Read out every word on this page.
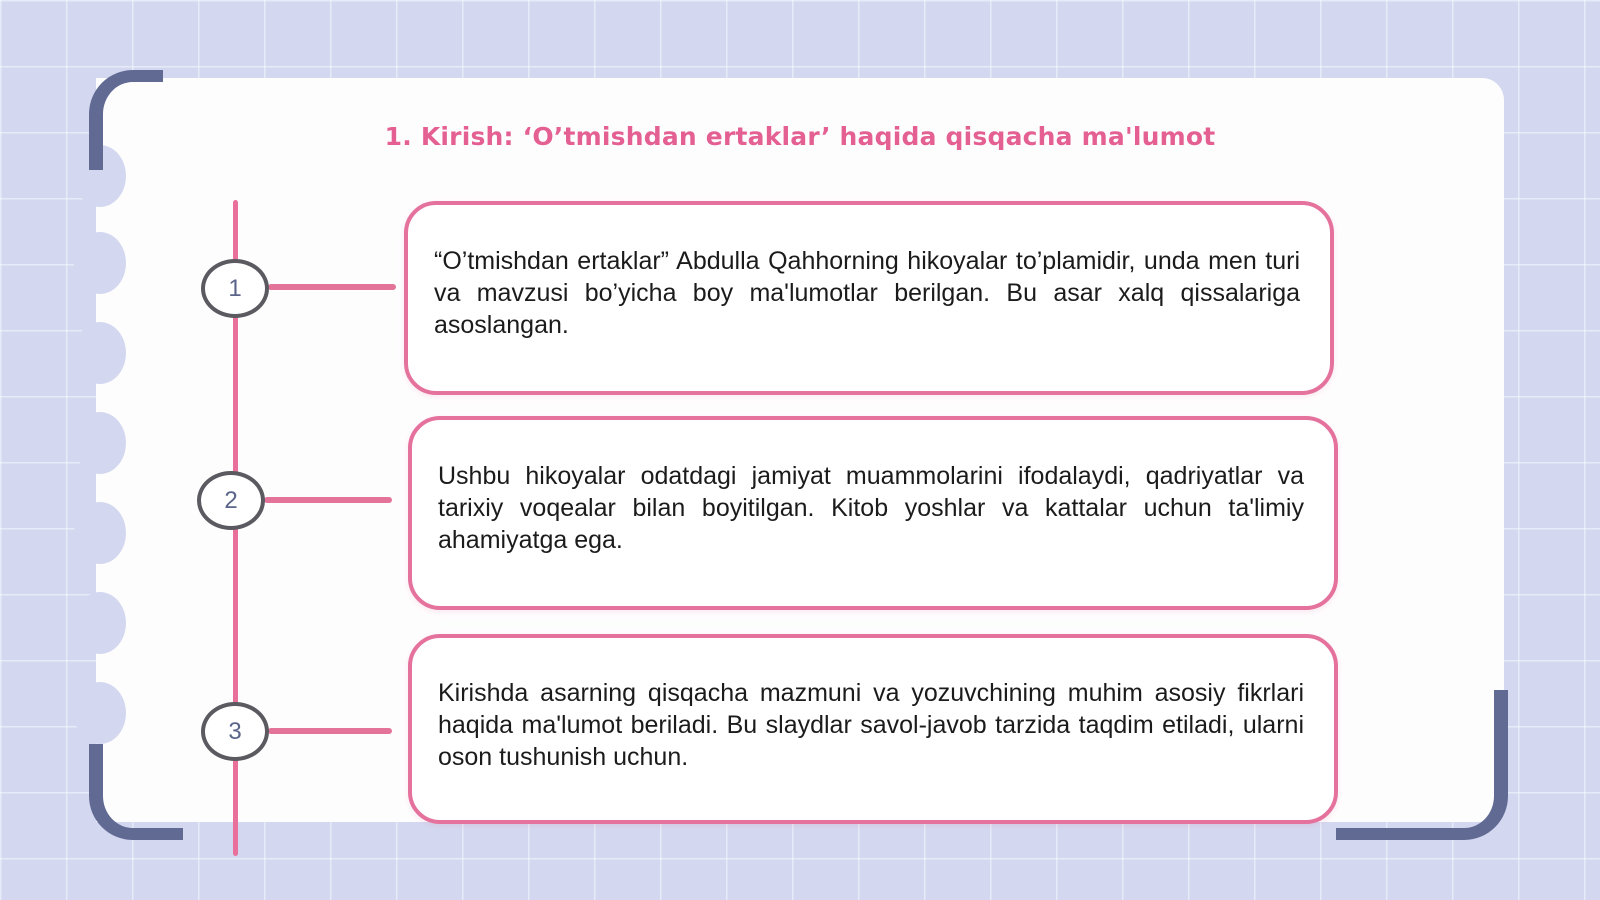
1. Kirish: ‘O’tmishdan ertaklar’ haqida qisqacha ma'lumot
1

“O’tmishdan ertaklar” Abdulla Qahhorning hikoyalar to’plamidir, unda men turi va mavzusi bo’yicha boy ma'lumotlar berilgan. Bu asar xalq qissalariga asoslangan.

2

Ushbu hikoyalar odatdagi jamiyat muammolarini ifodalaydi, qadriyatlar va tarixiy voqealar bilan boyitilgan. Kitob yoshlar va kattalar uchun ta'limiy ahamiyatga ega.

3

Kirishda asarning qisqacha mazmuni va yozuvchining muhim asosiy fikrlari haqida ma'lumot beriladi. Bu slaydlar savol-javob tarzida taqdim etiladi, ularni oson tushunish uchun.
